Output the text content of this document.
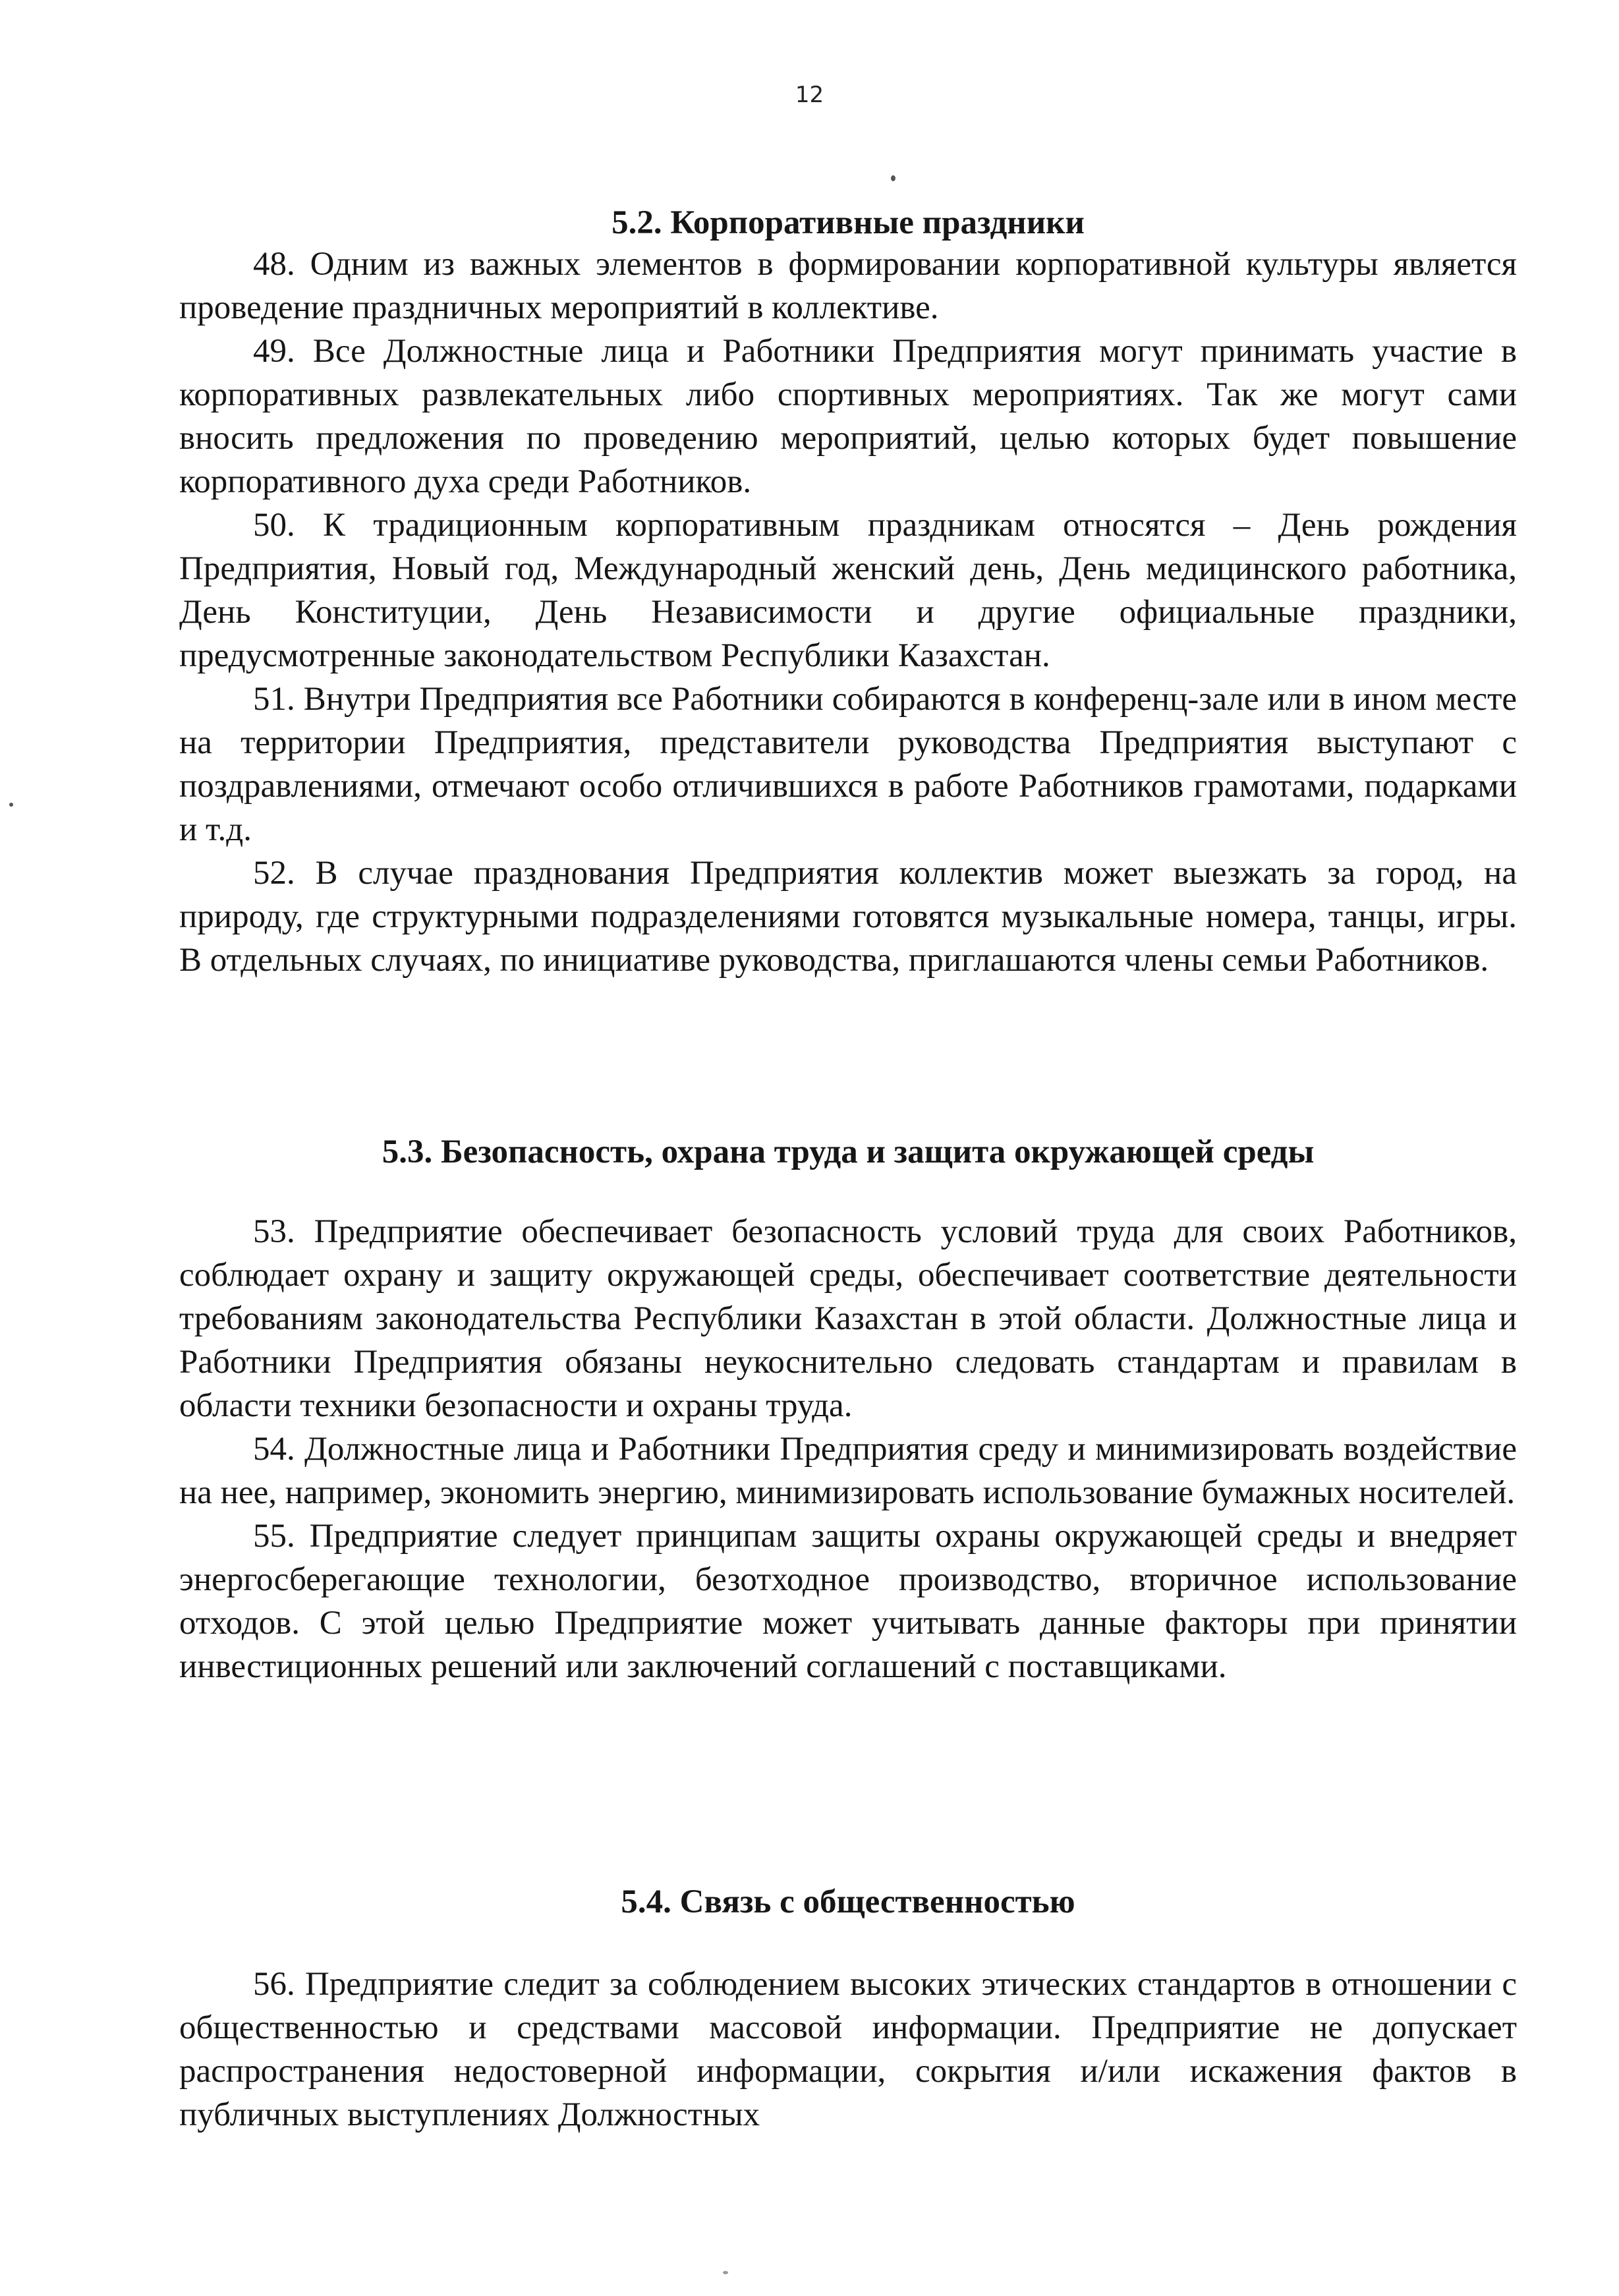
12
5.2. Корпоративные праздники

48. Одним из важных элементов в формировании корпоративной культуры является проведение праздничных мероприятий в коллективе.

49. Все Должностные лица и Работники Предприятия могут принимать участие в корпоративных развлекательных либо спортивных мероприятиях. Так же могут сами вносить предложения по проведению мероприятий, целью которых будет повышение корпоративного духа среди Работников.

50. К традиционным корпоративным праздникам относятся – День рождения Предприятия, Новый год, Международный женский день, День медицинского работника, День Конституции, День Независимости и другие официальные праздники, предусмотренные законодательством Республики Казахстан.

51. Внутри Предприятия все Работники собираются в конференц-зале или в ином месте на территории Предприятия, представители руководства Предприятия выступают с поздравлениями, отмечают особо отличившихся в работе Работников грамотами, подарками и т.д.

52. В случае празднования Предприятия коллектив может выезжать за город, на природу, где структурными подразделениями готовятся музыкальные номера, танцы, игры. В отдельных случаях, по инициативе руководства, приглашаются члены семьи Работников.

5.3. Безопасность, охрана труда и защита окружающей среды

53. Предприятие обеспечивает безопасность условий труда для своих Работников, соблюдает охрану и защиту окружающей среды, обеспечивает соответствие деятельности требованиям законодательства Республики Казахстан в этой области. Должностные лица и Работники Предприятия обязаны неукоснительно следовать стандартам и правилам в области техники безопасности и охраны труда.

54. Должностные лица и Работники Предприятия среду и минимизировать воздействие на нее, например, экономить энергию, минимизировать использование бумажных носителей.

55. Предприятие следует принципам защиты охраны окружающей среды и внедряет энергосберегающие технологии, безотходное производство, вторичное использование отходов. С этой целью Предприятие может учитывать данные факторы при принятии инвестиционных решений или заключений соглашений с поставщиками.

5.4. Связь с общественностью

56. Предприятие следит за соблюдением высоких этических стандартов в отношении с общественностью и средствами массовой информации. Предприятие не допускает распространения недостоверной информации, сокрытия и/или искажения фактов в публичных выступлениях Должностных
